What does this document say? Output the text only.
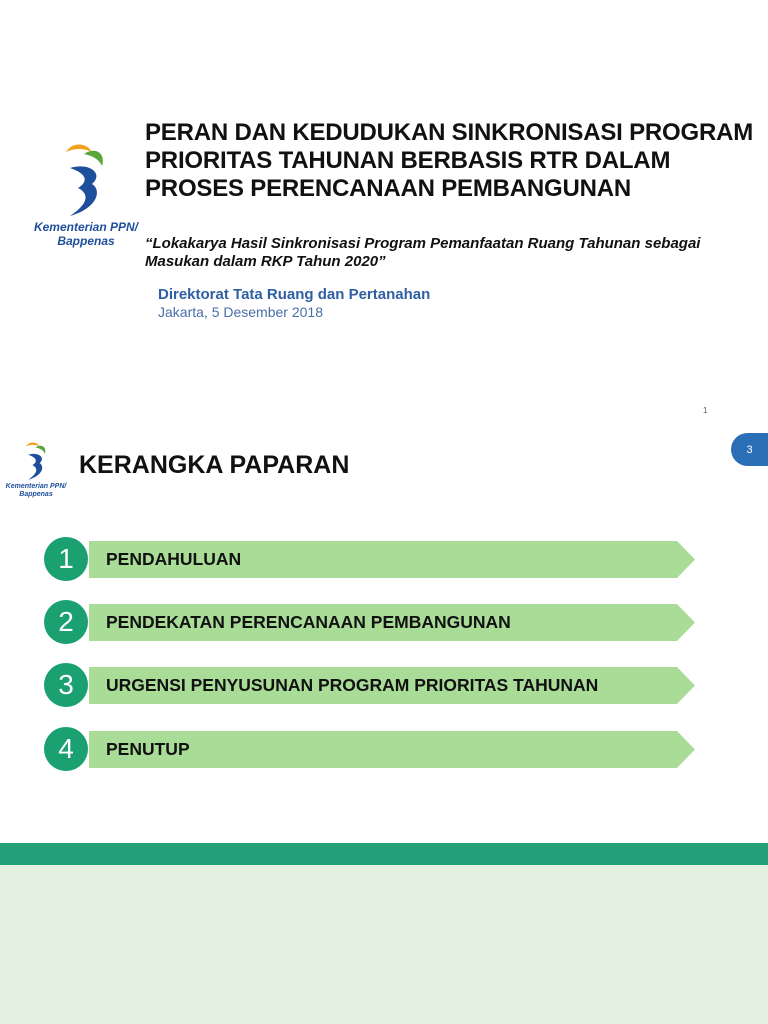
Kementerian PPN/
Bappenas
PERAN DAN KEDUDUKAN SINKRONISASI PROGRAM PRIORITAS TAHUNAN BERBASIS RTR DALAM PROSES PERENCANAAN PEMBANGUNAN
“Lokakarya Hasil Sinkronisasi Program Pemanfaatan Ruang Tahunan sebagai Masukan dalam RKP Tahun 2020”
Direktorat Tata Ruang dan Pertanahan
Jakarta, 5 Desember 2018
1
3
Kementerian PPN/
Bappenas
KERANGKA PAPARAN
1	PENDAHULUAN
2	PENDEKATAN PERENCANAAN PEMBANGUNAN
3	URGENSI PENYUSUNAN PROGRAM PRIORITAS TAHUNAN
4	PENUTUP
